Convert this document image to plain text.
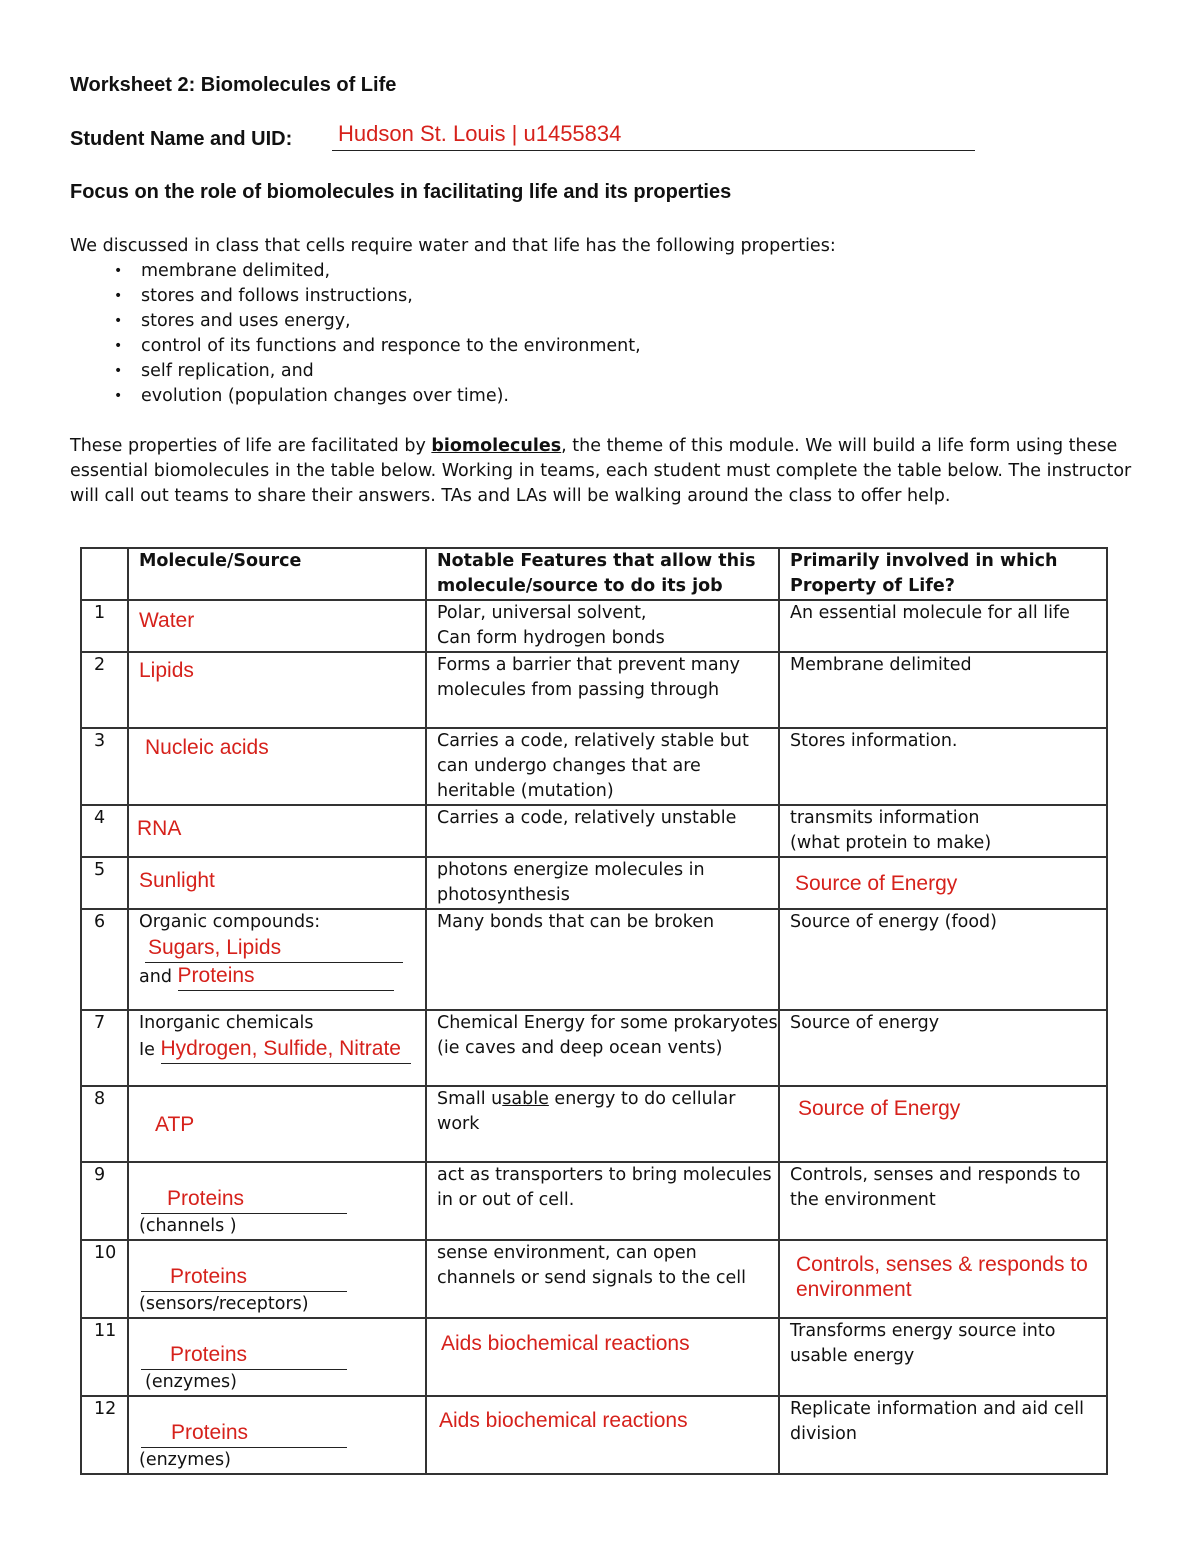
Worksheet 2: Biomolecules of Life
Student Name and UID: Hudson St. Louis | u1455834
Focus on the role of biomolecules in facilitating life and its properties
We discussed in class that cells require water and that life has the following properties:
• membrane delimited,
• stores and follows instructions,
• stores and uses energy,
• control of its functions and responce to the environment,
• self replication, and
• evolution (population changes over time).
These properties of life are facilitated by biomolecules, the theme of this module. We will build a life form using these essential biomolecules in the table below. Working in teams, each student must complete the table below. The instructor will call out teams to share their answers. TAs and LAs will be walking around the class to offer help.
	Molecule/Source	Notable Features that allow this molecule/source to do its job	Primarily involved in which Property of Life?
1	Water	Polar, universal solvent,
Can form hydrogen bonds	An essential molecule for all life
2	Lipids	Forms a barrier that prevent many molecules from passing through	Membrane delimited
3	Nucleic acids	Carries a code, relatively stable but can undergo changes that are heritable (mutation)	Stores information.
4	RNA	Carries a code, relatively unstable	transmits information
(what protein to make)

5	Sunlight	photons energize molecules in photosynthesis	Source of Energy
6	Organic compounds:
Sugars, Lipids
and Proteins	Many bonds that can be broken	Source of energy (food)
7	Inorganic chemicals
Ie Hydrogen, Sulfide, Nitrate	Chemical Energy for some prokaryotes (ie caves and deep ocean vents)	Source of energy
8	ATP	Small usable energy to do cellular work	Source of Energy
9	Proteins
(channels )	act as transporters to bring molecules in or out of cell.	Controls, senses and responds to the environment
10	Proteins
(sensors/receptors)	sense environment, can open channels or send signals to the cell	Controls, senses & responds to environment
11	Proteins
(enzymes)	Aids biochemical reactions	Transforms energy source into usable energy
12	Proteins
(enzymes)	Aids biochemical reactions	Replicate information and aid cell division
